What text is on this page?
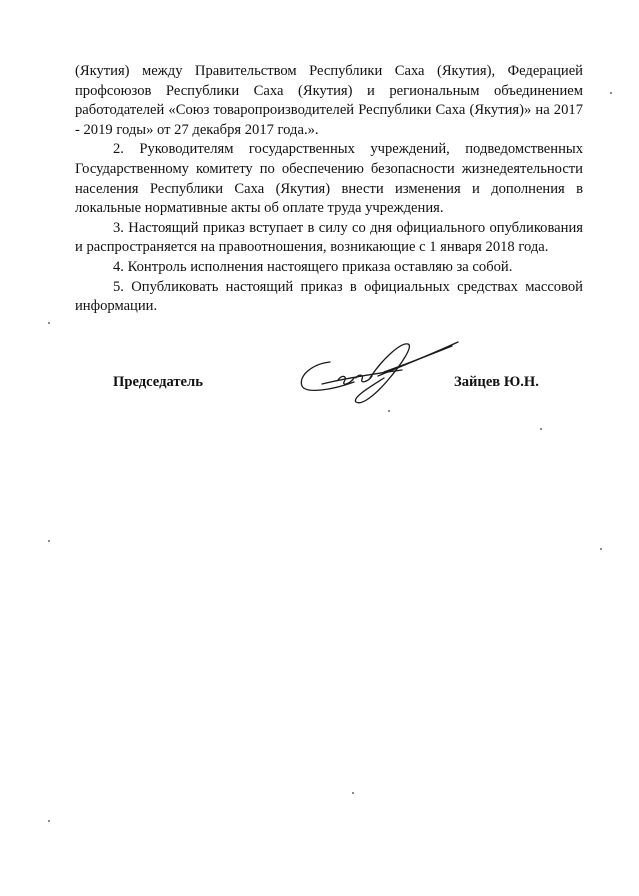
(Якутия) между Правительством Республики Саха (Якутия), Федерацией профсоюзов Республики Саха (Якутия) и региональным объединением работодателей «Союз товаропроизводителей Республики Саха (Якутия)» на 2017 - 2019 годы» от 27 декабря 2017 года.».

2. Руководителям государственных учреждений, подведомственных Государственному комитету по обеспечению безопасности жизнедеятельности населения Республики Саха (Якутия) внести изменения и дополнения в локальные нормативные акты об оплате труда учреждения.

3. Настоящий приказ вступает в силу со дня официального опубликования и распространяется на правоотношения, возникающие с 1 января 2018 года.

4. Контроль исполнения настоящего приказа оставляю за собой.

5. Опубликовать настоящий приказ в официальных средствах массовой информации.

Председатель	Зайцев Ю.Н.
